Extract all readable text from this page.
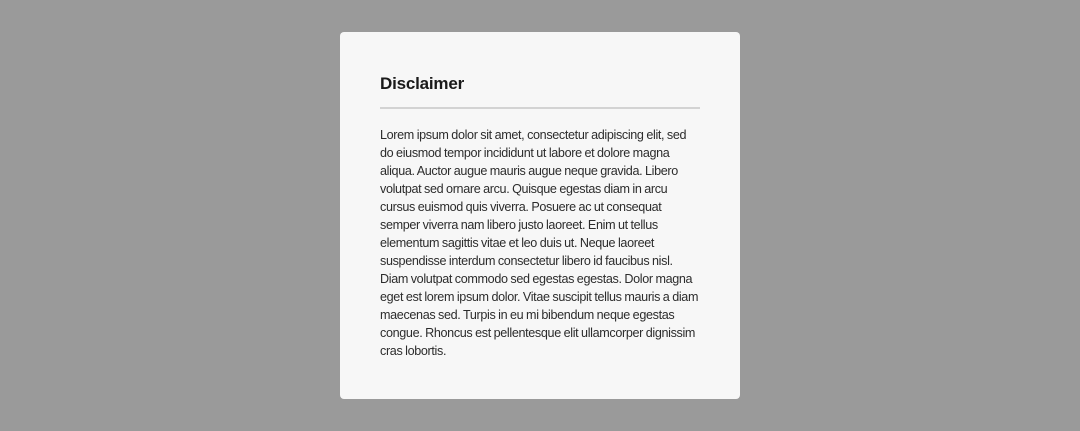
Disclaimer

Lorem ipsum dolor sit amet, consectetur adipiscing elit, sed do eiusmod tempor incididunt ut labore et dolore magna aliqua. Auctor augue mauris augue neque gravida. Libero volutpat sed ornare arcu. Quisque egestas diam in arcu cursus euismod quis viverra. Posuere ac ut consequat semper viverra nam libero justo laoreet. Enim ut tellus elementum sagittis vitae et leo duis ut. Neque laoreet suspendisse interdum consectetur libero id faucibus nisl. Diam volutpat commodo sed egestas egestas. Dolor magna eget est lorem ipsum dolor. Vitae suscipit tellus mauris a diam maecenas sed. Turpis in eu mi bibendum neque egestas congue. Rhoncus est pellentesque elit ullamcorper dignissim cras lobortis.
